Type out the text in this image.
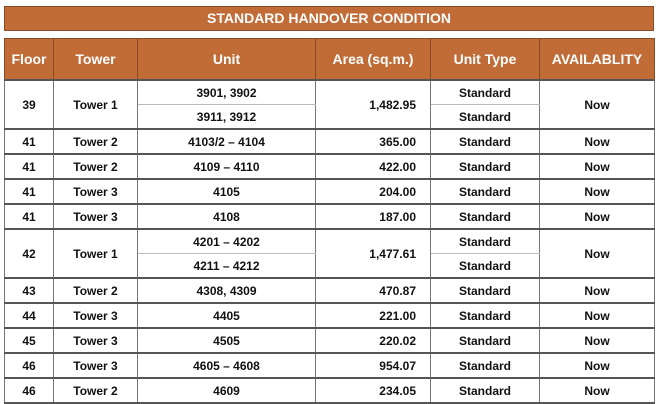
STANDARD HANDOVER CONDITION
Floor	Tower	Unit	Area (sq.m.)	Unit Type	AVAILABLITY
39	Tower 1	3901, 3902	1,482.95	Standard	Now
		3911, 3912		Standard	
41	Tower 2	4103/2 – 4104	365.00	Standard	Now
41	Tower 2	4109 – 4110	422.00	Standard	Now
41	Tower 3	4105	204.00	Standard	Now
41	Tower 3	4108	187.00	Standard	Now
42	Tower 1	4201 – 4202	1,477.61	Standard	Now
		4211 – 4212		Standard	
43	Tower 2	4308, 4309	470.87	Standard	Now
44	Tower 3	4405	221.00	Standard	Now
45	Tower 3	4505	220.02	Standard	Now
46	Tower 3	4605 – 4608	954.07	Standard	Now
46	Tower 2	4609	234.05	Standard	Now
